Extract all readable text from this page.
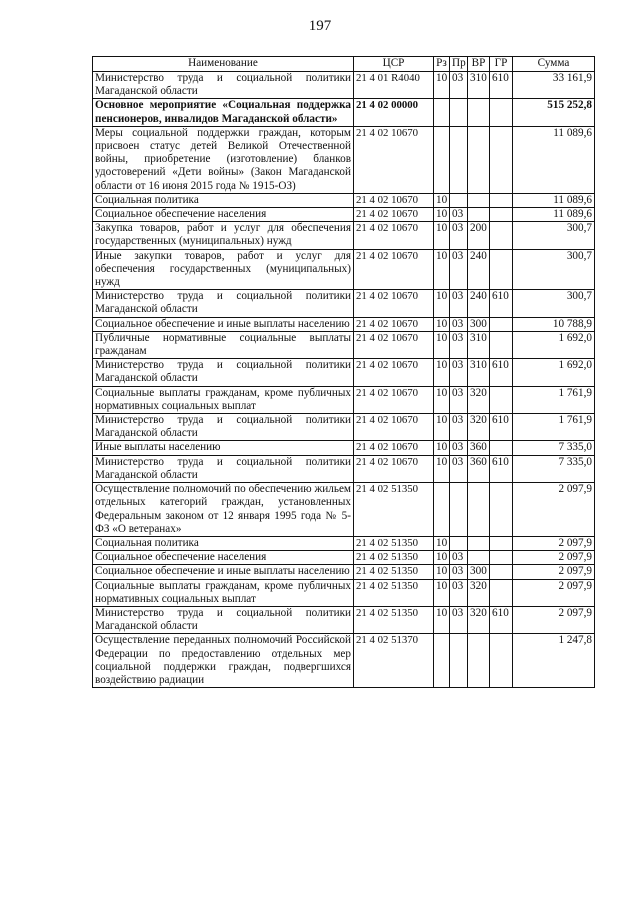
197
Наименование	ЦСР	Рз	Пр	ВР	ГР	Сумма
Министерство труда и социальной политики Магаданской области	21 4 01 R4040	10	03	310	610	33 161,9
Основное мероприятие «Социальная поддержка пенсионеров, инвалидов Магаданской области»	21 4 02 00000					515 252,8
Меры социальной поддержки граждан, которым присвоен статус детей Великой Отечественной войны, приобретение (изготовление) бланков удостоверений «Дети войны» (Закон Магаданской области от 16 июня 2015 года № 1915-ОЗ)	21 4 02 10670					11 089,6
Социальная политика	21 4 02 10670	10				11 089,6
Социальное обеспечение населения	21 4 02 10670	10	03			11 089,6
Закупка товаров, работ и услуг для обеспечения государственных (муниципальных) нужд	21 4 02 10670	10	03	200		300,7
Иные закупки товаров, работ и услуг для обеспечения государственных (муниципальных) нужд	21 4 02 10670	10	03	240		300,7
Министерство труда и социальной политики Магаданской области	21 4 02 10670	10	03	240	610	300,7
Социальное обеспечение и иные выплаты населению	21 4 02 10670	10	03	300		10 788,9
Публичные нормативные социальные выплаты гражданам	21 4 02 10670	10	03	310		1 692,0
Министерство труда и социальной политики Магаданской области	21 4 02 10670	10	03	310	610	1 692,0
Социальные выплаты гражданам, кроме публичных нормативных социальных выплат	21 4 02 10670	10	03	320		1 761,9
Министерство труда и социальной политики Магаданской области	21 4 02 10670	10	03	320	610	1 761,9
Иные выплаты населению	21 4 02 10670	10	03	360		7 335,0
Министерство труда и социальной политики Магаданской области	21 4 02 10670	10	03	360	610	7 335,0
Осуществление полномочий по обеспечению жильем отдельных категорий граждан, установленных Федеральным законом от 12 января 1995 года № 5-ФЗ «О ветеранах»	21 4 02 51350					2 097,9
Социальная политика	21 4 02 51350	10				2 097,9
Социальное обеспечение населения	21 4 02 51350	10	03			2 097,9
Социальное обеспечение и иные выплаты населению	21 4 02 51350	10	03	300		2 097,9
Социальные выплаты гражданам, кроме публичных нормативных социальных выплат	21 4 02 51350	10	03	320		2 097,9
Министерство труда и социальной политики Магаданской области	21 4 02 51350	10	03	320	610	2 097,9
Осуществление переданных полномочий Российской Федерации по предоставлению отдельных мер социальной поддержки граждан, подвергшихся воздействию радиации	21 4 02 51370					1 247,8
